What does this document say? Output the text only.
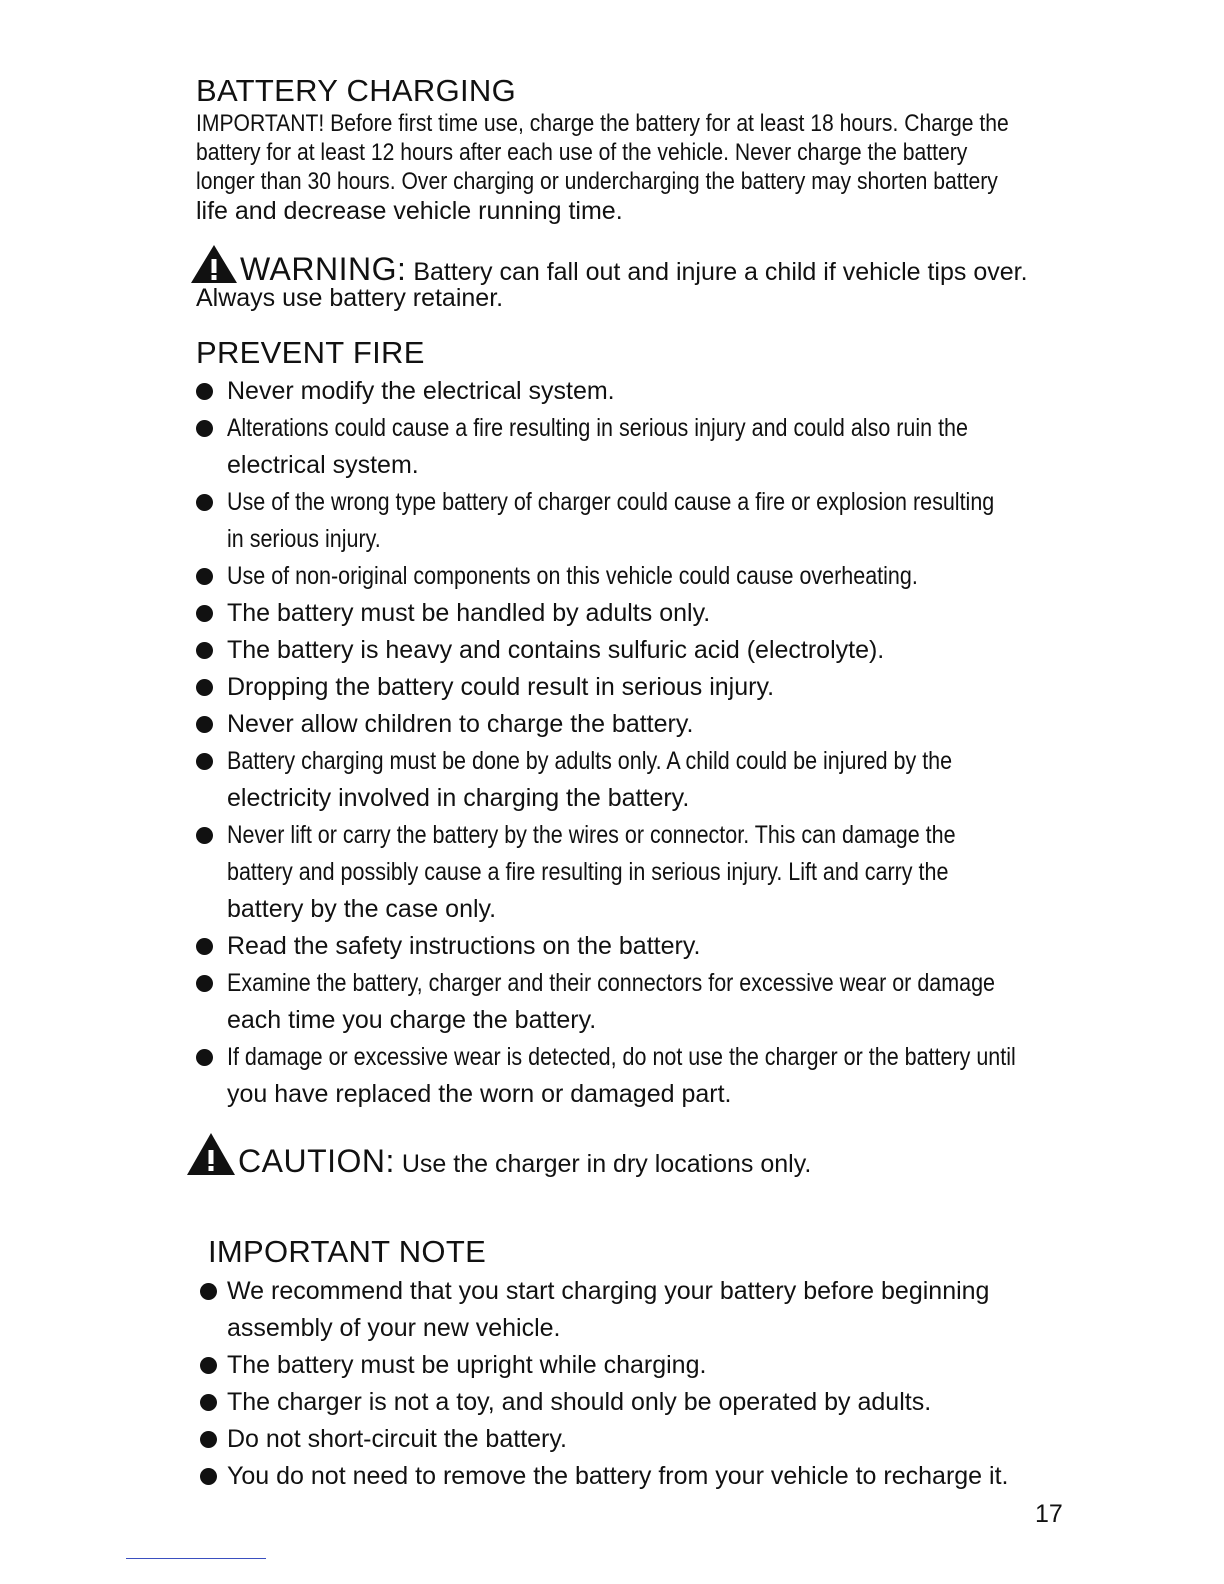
BATTERY CHARGING
IMPORTANT! Before first time use, charge the battery for at least 18 hours. Charge the
battery for at least 12 hours after each use of the vehicle. Never charge the battery
longer than 30 hours. Over charging or undercharging the battery may shorten battery
life and decrease vehicle running time.
WARNING: Battery can fall out and injure a child if vehicle tips over.
Always use battery retainer.
PREVENT FIRE
Never modify the electrical system.
Alterations could cause a fire resulting in serious injury and could also ruin the
electrical system.
Use of the wrong type battery of charger could cause a fire or explosion resulting
in serious injury.
Use of non-original components on this vehicle could cause overheating.
The battery must be handled by adults only.
The battery is heavy and contains sulfuric acid (electrolyte).
Dropping the battery could result in serious injury.
Never allow children to charge the battery.
Battery charging must be done by adults only. A child could be injured by the
electricity involved in charging the battery.
Never lift or carry the battery by the wires or connector. This can damage the
battery and possibly cause a fire resulting in serious injury. Lift and carry the
battery by the case only.
Read the safety instructions on the battery.
Examine the battery, charger and their connectors for excessive wear or damage
each time you charge the battery.
If damage or excessive wear is detected, do not use the charger or the battery until
you have replaced the worn or damaged part.
CAUTION: Use the charger in dry locations only.
IMPORTANT NOTE
We recommend that you start charging your battery before beginning
assembly of your new vehicle.
The battery must be upright while charging.
The charger is not a toy, and should only be operated by adults.
Do not short-circuit the battery.
You do not need to remove the battery from your vehicle to recharge it.
17
